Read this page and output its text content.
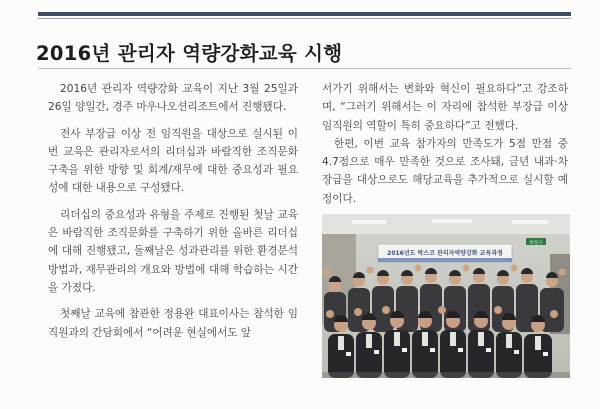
2016년 관리자 역량강화교육 시행

2016년 관리자 역량강화 교육이 지난 3월 25일과 26일 양일간, 경주 마우나오션리조트에서 진행됐다.

전사 부장급 이상 전 임직원을 대상으로 실시된 이번 교육은 관리자로서의 리더십과 바람직한 조직문화 구축을 위한 방향 및 회계/재무에 대한 중요성과 필요성에 대한 내용으로 구성됐다.

리더십의 중요성과 유형을 주제로 진행된 첫날 교육은 바람직한 조직문화를 구축하기 위한 올바른 리더십에 대해 진행됐고, 둘째날은 성과관리를 위한 환경분석 방법과, 재무관리의 개요와 방법에 대해 학습하는 시간을 가졌다.

첫째날 교육에 참관한 정용완 대표이사는 참석한 임직원과의 간담회에서 “어려운 현실에서도 앞

서가기 위해서는 변화와 혁신이 필요하다”고 강조하며, “그러기 위해서는 이 자리에 참석한 부장급 이상 임직원의 역할이 특히 중요하다”고 전했다.

한편, 이번 교육 참가자의 만족도가 5점 만점 중 4.7점으로 매우 만족한 것으로 조사돼, 금년 내과·차장급을 대상으로도 해당교육을 추가적으로 실시할 예정이다.

비상구
2016년도 락스코 관리자역량강화 교육과정
